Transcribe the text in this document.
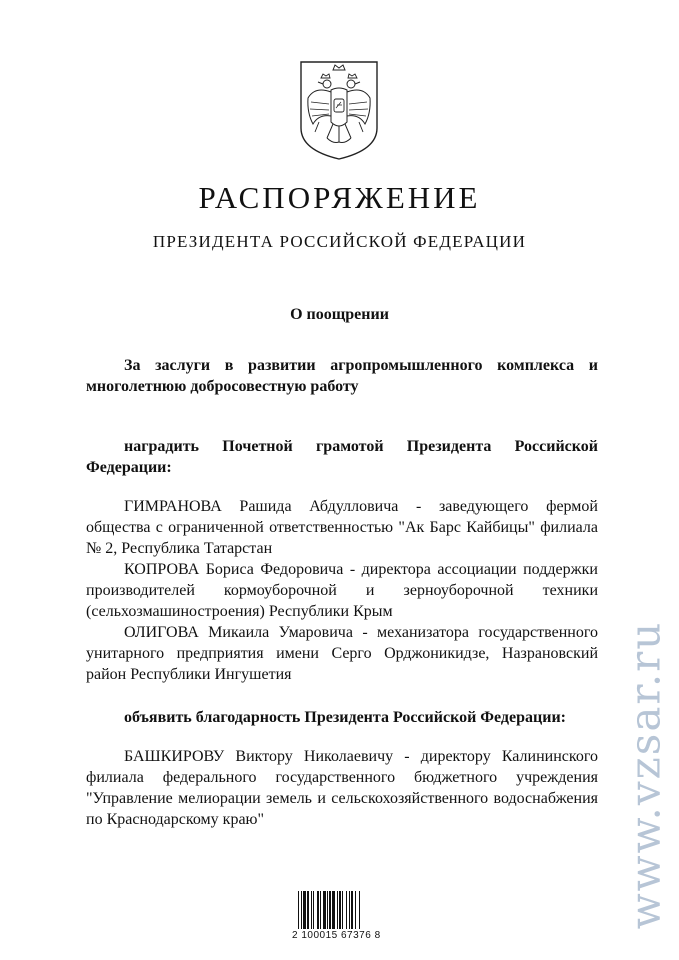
РАСПОРЯЖЕНИЕ
ПРЕЗИДЕНТА РОССИЙСКОЙ ФЕДЕРАЦИИ
О поощрении
За заслуги в развитии агропромышленного комплекса и многолетнюю добросовестную работу
наградить Почетной грамотой Президента Российской Федерации:

ГИМРАНОВА Рашида Абдулловича - заведующего фермой общества с ограниченной ответственностью "Ак Барс Кайбицы" филиала № 2, Республика Татарстан

КОПРОВА Бориса Федоровича - директора ассоциации поддержки производителей кормоуборочной и зерноуборочной техники (сельхозмашиностроения) Республики Крым

ОЛИГОВА Микаила Умаровича - механизатора государственного унитарного предприятия имени Серго Орджоникидзе, Назрановский район Республики Ингушетия

объявить благодарность Президента Российской Федерации:

БАШКИРОВУ Виктору Николаевичу - директору Калининского филиала федерального государственного бюджетного учреждения "Управление мелиорации земель и сельскохозяйственного водоснабжения по Краснодарскому краю"	www.vzsar.ru
2 100015 67376 8
